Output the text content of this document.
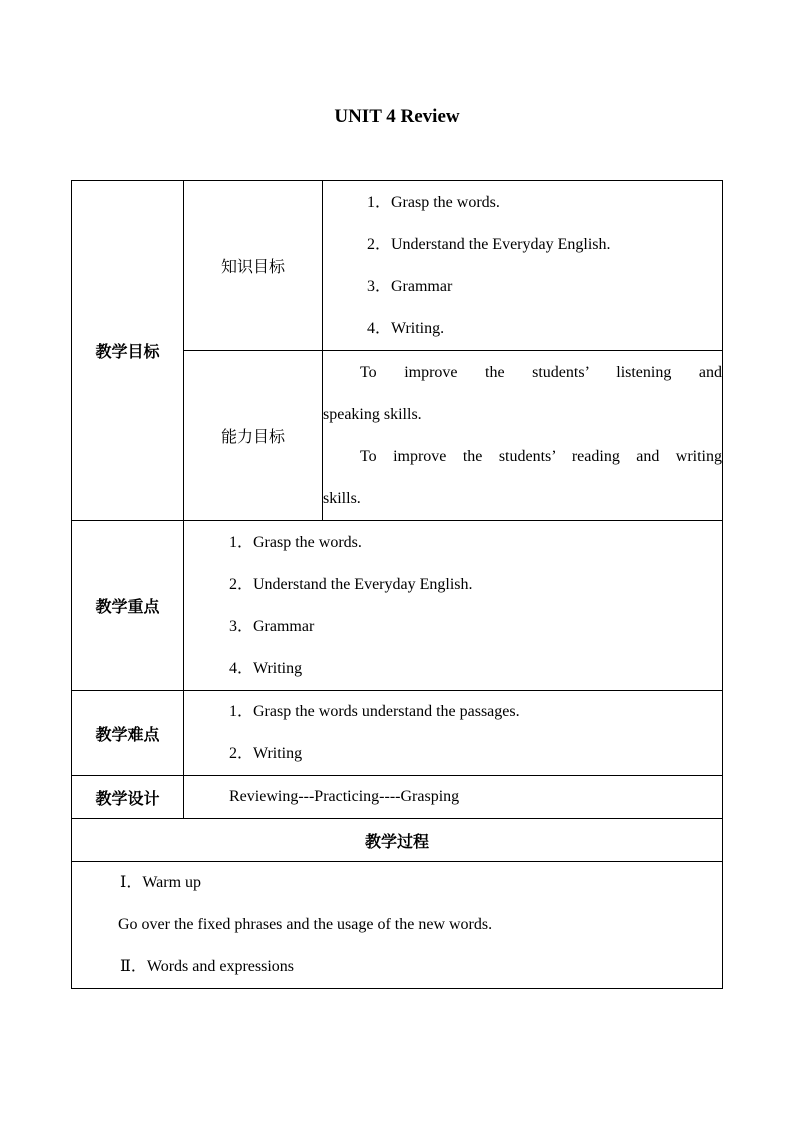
UNIT 4 Review
教学目标	知识目标	1．Grasp the words.
2．Understand the Everyday English.
3．Grammar
4．Writing.

	能力目标	To improve the students’ listening and
speaking skills.
To improve the students’ reading and writing
skills.

教学重点	1．Grasp the words.
2．Understand the Everyday English.
3．Grammar
4．Writing	

教学难点	1．Grasp the words understand the passages.
2．Writing	

教学设计	Reviewing---Practicing----Grasping	

教学过程		

Ⅰ．Warm up
Go over the fixed phrases and the usage of the new words.
Ⅱ．Words and expressions		
